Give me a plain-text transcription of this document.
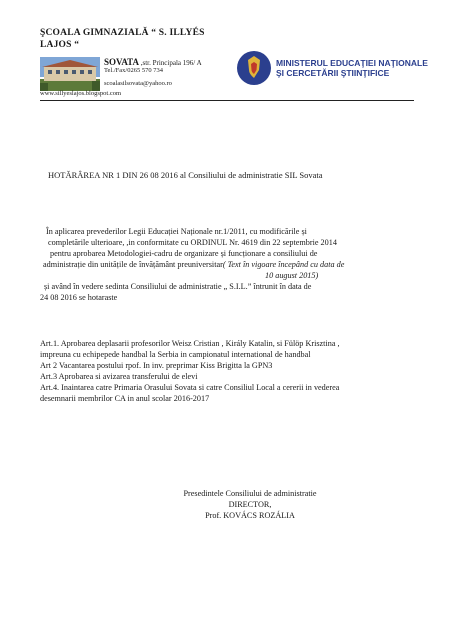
ŞCOALA GIMNAZIALĂ “ S. ILLYÉS
LAJOS “
SOVATA ,str. Principala 196/ A
Tel./Fax/0265 570 734
scoalasilsovata@yahoo.ro
www.sillyeslajos.blogspot.com
MINISTERUL EDUCAŢIEI NAŢIONALE
ŞI CERCETĂRII ŞTIINŢIFICE
HOTĂRÂREA NR 1 DIN 26 08 2016 al Consiliului de administratie SIL Sovata
În aplicarea prevederilor Legii Educației Naționale nr.1/2011, cu modificările și
completările ulterioare, ,in conformitate cu ORDINUL Nr. 4619 din 22 septembrie 2014
pentru aprobarea Metodologiei-cadru de organizare și funcționare a consiliului de
administrație din unitățile de învățământ preuniversitar( Text în vigoare începând cu data de
10 august 2015)
și având în vedere sedinta Consiliului de administratie „ S.I.L.” întrunit în data de
24 08 2016 se hotaraste
Art.1. Aprobarea deplasarii profesorilor Weisz Cristian , Király Katalin, si Fülöp Krisztina ,
impreuna cu echipepede handbal la Serbia in campionatul international de handbal
Art 2 Vacantarea postului rpof. In inv. preprimar Kiss Brigitta la GPN3
Art.3 Aprobarea si avizarea transferului de elevi
Art.4. Inaintarea catre Primaria Orasului Sovata si catre Consiliul Local a cererii in vederea
desemnarii membrilor CA in anul scolar 2016-2017
Presedintele Consiliului de administratie
DIRECTOR,
Prof. KOVÁCS ROZÁLIA
